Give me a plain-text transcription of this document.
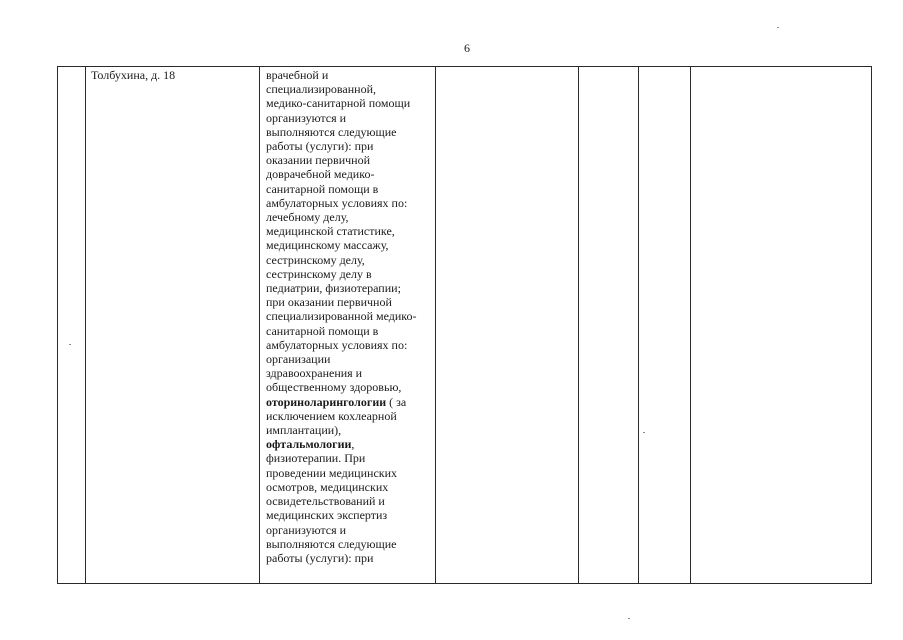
6
Толбухина, д. 18	врачебной и
специализированной,
медико-санитарной помощи
организуются и
выполняются следующие
работы (услуги): при
оказании первичной
доврачебной медико-
санитарной помощи в
амбулаторных условиях по:
лечебному делу,
медицинской статистике,
медицинскому массажу,
сестринскому делу,
сестринскому делу в
педиатрии, физиотерапии;
при оказании первичной
специализированной медико-
санитарной помощи в
амбулаторных условиях по:
организации
здравоохранения и
общественному здоровью,
оториноларингологии ( за
исключением кохлеарной
имплантации),
офтальмологии,
физиотерапии. При
проведении медицинских
осмотров, медицинских
освидетельствований и
медицинских экспертиз
организуются и
выполняются следующие
работы (услуги): при
